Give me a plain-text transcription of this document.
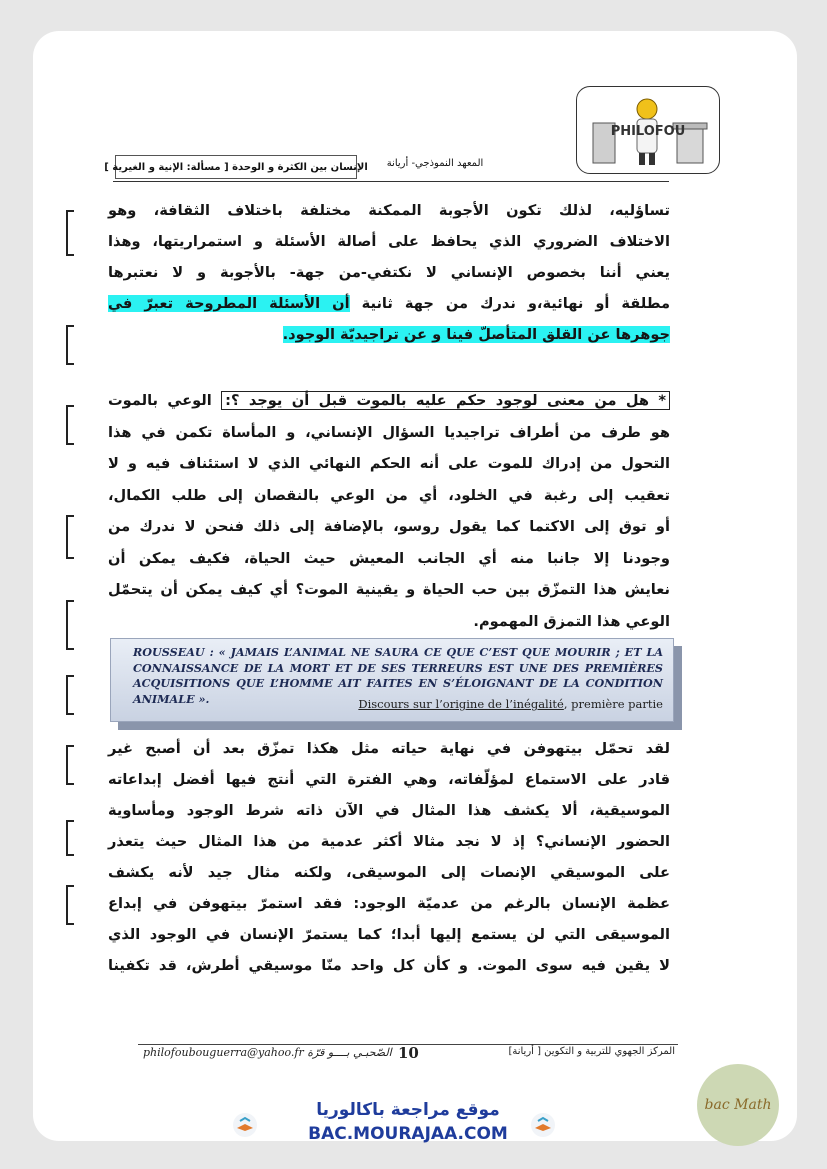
PHILOFOU
الإنسان بين الكثرة و الوحدة [ مسألة: الإنية و الغيرية ]	المعهد النموذجي- أريانة
تساؤليه، لذلك تكون الأجوبة الممكنة مختلفة باختلاف الثقافة، وهو
الاختلاف الضروري الذي يحافظ على أصالة الأسئلة و استمراريتها، وهذا
يعني أننا بخصوص الإنساني لا نكتفي-من جهة- بالأجوبة و لا نعتبرها
مطلقة أو نهائية،و ندرك من جهة ثانية أن الأسئلة المطروحة تعبرّ في
جوهرها عن القلق المتأصلّ فينا و عن تراجيديّة الوجود.
* هل من معنى لوجود حكم عليه بالموت قبل أن يوجد ؟: الوعي بالموت
هو طرف من أطراف تراجيديا السؤال الإنساني، و المأساة تكمن في هذا
التحول من إدراك للموت على أنه الحكم النهائي الذي لا استئناف فيه و لا
تعقيب إلى رغبة في الخلود، أي من الوعي بالنقصان إلى طلب الكمال،
أو توق إلى الاكتما كما يقول روسو، بالإضافة إلى ذلك فنحن لا ندرك من
وجودنا إلا جانبا منه أي الجانب المعيش حيث الحياة، فكيف يمكن أن
نعايش هذا التمزّق بين حب الحياة و يقينية الموت؟ أي كيف يمكن أن يتحمّل
الوعي هذا التمزق المهموم.
ROUSSEAU : « JAMAIS L’ANIMAL NE SAURA CE QUE C’EST QUE MOURIR ; ET LA CONNAISSANCE DE LA MORT ET DE SES TERREURS EST UNE DES PREMIÈRES ACQUISITIONS QUE L’HOMME AIT FAITES EN S’ÉLOIGNANT DE LA CONDITION ANIMALE ».	Discours sur l’origine de l’inégalité, première partie
لقد تحمّل بيتهوفن في نهاية حياته مثل هكذا تمزّق بعد أن أصبح غير
قادر على الاستماع لمؤلّفاته، وهي الفترة التي أنتج فيها أفضل إبداعاته
الموسيقية، ألا يكشف هذا المثال في الآن ذاته شرط الوجود ومأساوية
الحضور الإنساني؟ إذ لا نجد مثالا أكثر عدمية من هذا المثال حيث يتعذر
على الموسيقي الإنصات إلى الموسيقى، ولكنه مثال جيد لأنه يكشف
عظمة الإنسان بالرغم من عدميّة الوجود: فقد استمرّ بيتهوفن في إبداع
الموسيقى التي لن يستمع إليها أبدا؛ كما يستمرّ الإنسان في الوجود الذي
لا يقين فيه سوى الموت. و كأن كل واحد منّا موسيقي أطرش، قد تكفينا
المركز الجهوي للتربية و التكوين [ أريانة]
10
philofoubouguerra@yahoo.fr الصّحبـي بــــو قرّة
موقع مراجعة باكالوريا
BAC.MOURAJAA.COM
bac Math
